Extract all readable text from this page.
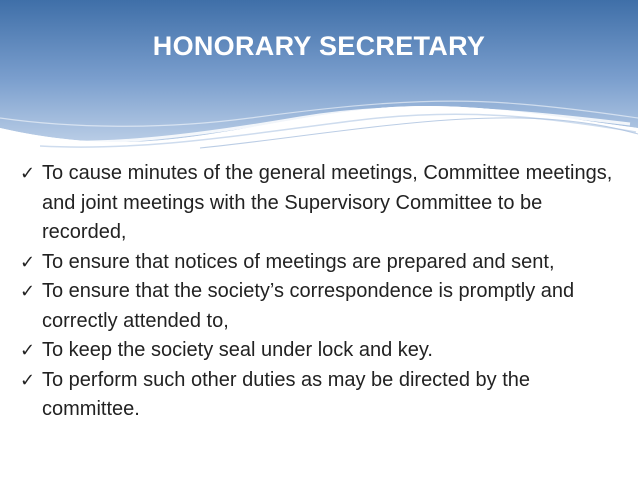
HONORARY SECRETARY
✓ To cause minutes of the general meetings, Committee meetings, and joint meetings with the Supervisory Committee to be recorded,
✓ To ensure that notices of meetings are prepared and sent,
✓ To ensure that the society’s correspondence is promptly and correctly attended to,
✓ To keep the society seal under lock and key.
✓ To perform such other duties as may be directed by the committee.
